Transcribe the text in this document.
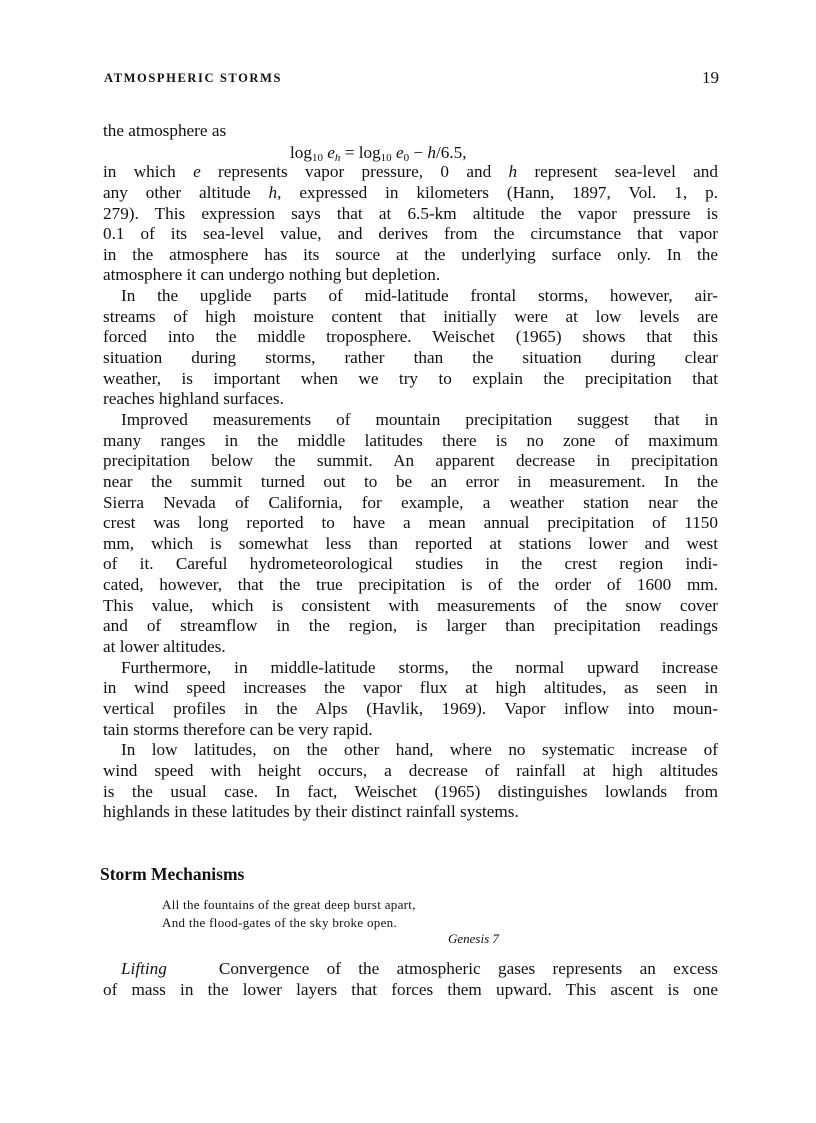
ATMOSPHERIC STORMS	19
the atmosphere as
in which e represents vapor pressure, 0 and h represent sea-level and
any other altitude h, expressed in kilometers (Hann, 1897, Vol. 1, p.
279). This expression says that at 6.5-km altitude the vapor pressure is
0.1 of its sea-level value, and derives from the circumstance that vapor
in the atmosphere has its source at the underlying surface only. In the
atmosphere it can undergo nothing but depletion.
In the upglide parts of mid-latitude frontal storms, however, air-
streams of high moisture content that initially were at low levels are
forced into the middle troposphere. Weischet (1965) shows that this
situation during storms, rather than the situation during clear
weather, is important when we try to explain the precipitation that
reaches highland surfaces.
Improved measurements of mountain precipitation suggest that in
many ranges in the middle latitudes there is no zone of maximum
precipitation below the summit. An apparent decrease in precipitation
near the summit turned out to be an error in measurement. In the
Sierra Nevada of California, for example, a weather station near the
crest was long reported to have a mean annual precipitation of 1150
mm, which is somewhat less than reported at stations lower and west
of it. Careful hydrometeorological studies in the crest region indi-
cated, however, that the true precipitation is of the order of 1600 mm.
This value, which is consistent with measurements of the snow cover
and of streamflow in the region, is larger than precipitation readings
at lower altitudes.
Furthermore, in middle-latitude storms, the normal upward increase
in wind speed increases the vapor flux at high altitudes, as seen in
vertical profiles in the Alps (Havlik, 1969). Vapor inflow into moun-
tain storms therefore can be very rapid.
In low latitudes, on the other hand, where no systematic increase of
wind speed with height occurs, a decrease of rainfall at high altitudes
is the usual case. In fact, Weischet (1965) distinguishes lowlands from
highlands in these latitudes by their distinct rainfall systems.
$\log_{10} e_h = \log_{10} e_0 - h/6.5$,
Storm Mechanisms
All the fountains of the great deep burst apart,
And the flood-gates of the sky broke open.
Genesis 7
Lifting   Convergence of the atmospheric gases represents an excess
of mass in the lower layers that forces them upward. This ascent is one
